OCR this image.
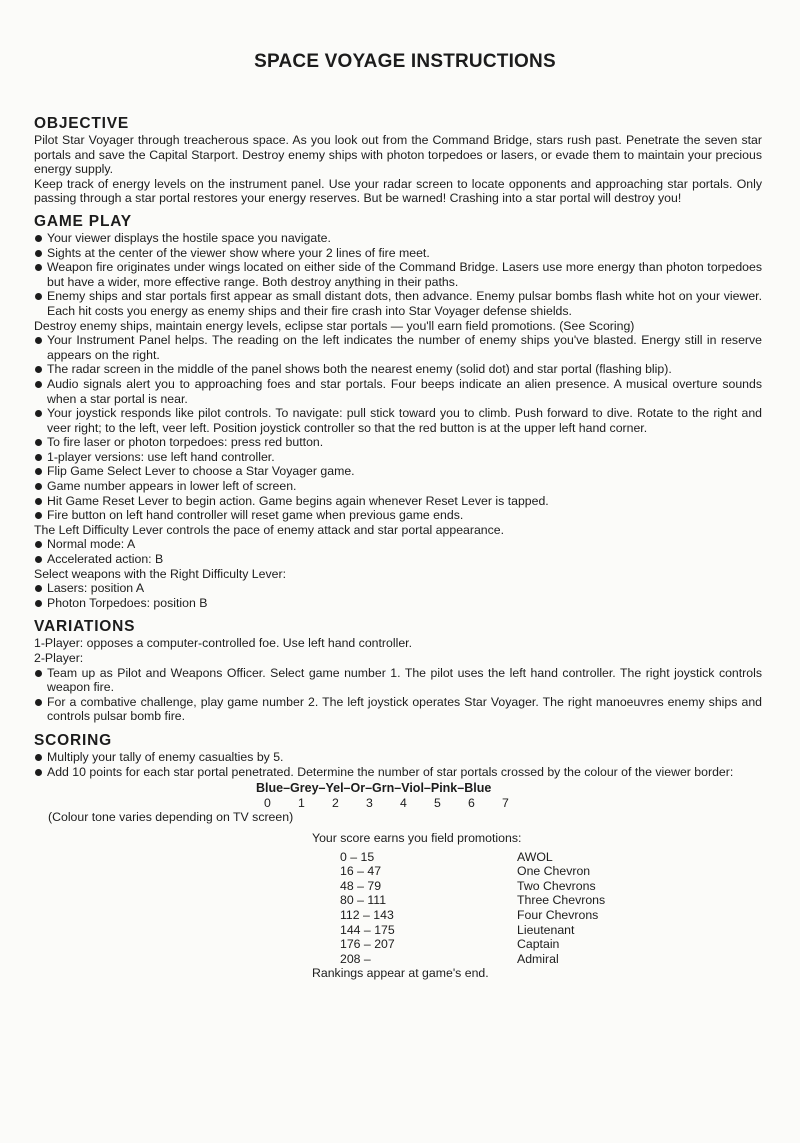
SPACE VOYAGE INSTRUCTIONS
OBJECTIVE

Pilot Star Voyager through treacherous space. As you look out from the Command Bridge, stars rush past. Penetrate the seven star portals and save the Capital Starport. Destroy enemy ships with photon torpedoes or lasers, or evade them to maintain your precious energy supply.

Keep track of energy levels on the instrument panel. Use your radar screen to locate opponents and approaching star portals. Only passing through a star portal restores your energy reserves. But be warned! Crashing into a star portal will destroy you!

GAME PLAY
Your viewer displays the hostile space you navigate.
Sights at the center of the viewer show where your 2 lines of fire meet.
Weapon fire originates under wings located on either side of the Command Bridge. Lasers use more energy than photon torpedoes but have a wider, more effective range. Both destroy anything in their paths.
Enemy ships and star portals first appear as small distant dots, then advance. Enemy pulsar bombs flash white hot on your viewer. Each hit costs you energy as enemy ships and their fire crash into Star Voyager defense shields.

Destroy enemy ships, maintain energy levels, eclipse star portals — you'll earn field promotions. (See Scoring)

Your Instrument Panel helps. The reading on the left indicates the number of enemy ships you've blasted. Energy still in reserve appears on the right.
The radar screen in the middle of the panel shows both the nearest enemy (solid dot) and star portal (flashing blip).
Audio signals alert you to approaching foes and star portals. Four beeps indicate an alien presence. A musical overture sounds when a star portal is near.
Your joystick responds like pilot controls. To navigate: pull stick toward you to climb. Push forward to dive. Rotate to the right and veer right; to the left, veer left. Position joystick controller so that the red button is at the upper left hand corner.
To fire laser or photon torpedoes: press red button.
1-player versions: use left hand controller.
Flip Game Select Lever to choose a Star Voyager game.
Game number appears in lower left of screen.
Hit Game Reset Lever to begin action. Game begins again whenever Reset Lever is tapped.
Fire button on left hand controller will reset game when previous game ends.

The Left Difficulty Lever controls the pace of enemy attack and star portal appearance.

Normal mode: A
Accelerated action: B

Select weapons with the Right Difficulty Lever:

Lasers: position A
Photon Torpedoes: position B
VARIATIONS

1-Player: opposes a computer-controlled foe. Use left hand controller.

2-Player:

Team up as Pilot and Weapons Officer. Select game number 1. The pilot uses the left hand controller. The right joystick controls weapon fire.
For a combative challenge, play game number 2. The left joystick operates Star Voyager. The right manoeuvres enemy ships and controls pulsar bomb fire.
SCORING
Multiply your tally of enemy casualties by 5.
Add 10 points for each star portal penetrated. Determine the number of star portals crossed by the colour of the viewer border:
Blue–Grey–Yel–Or–Grn–Viol–Pink–Blue
0	1	2	3	4	5	6	7

(Colour tone varies depending on TV screen)

Your score earns you field promotions:

0 – 15	AWOL
16 – 47	One Chevron
48 – 79	Two Chevrons
80 – 111	Three Chevrons
112 – 143	Four Chevrons
144 – 175	Lieutenant
176 – 207	Captain
208 –	Admiral

Rankings appear at game's end.
